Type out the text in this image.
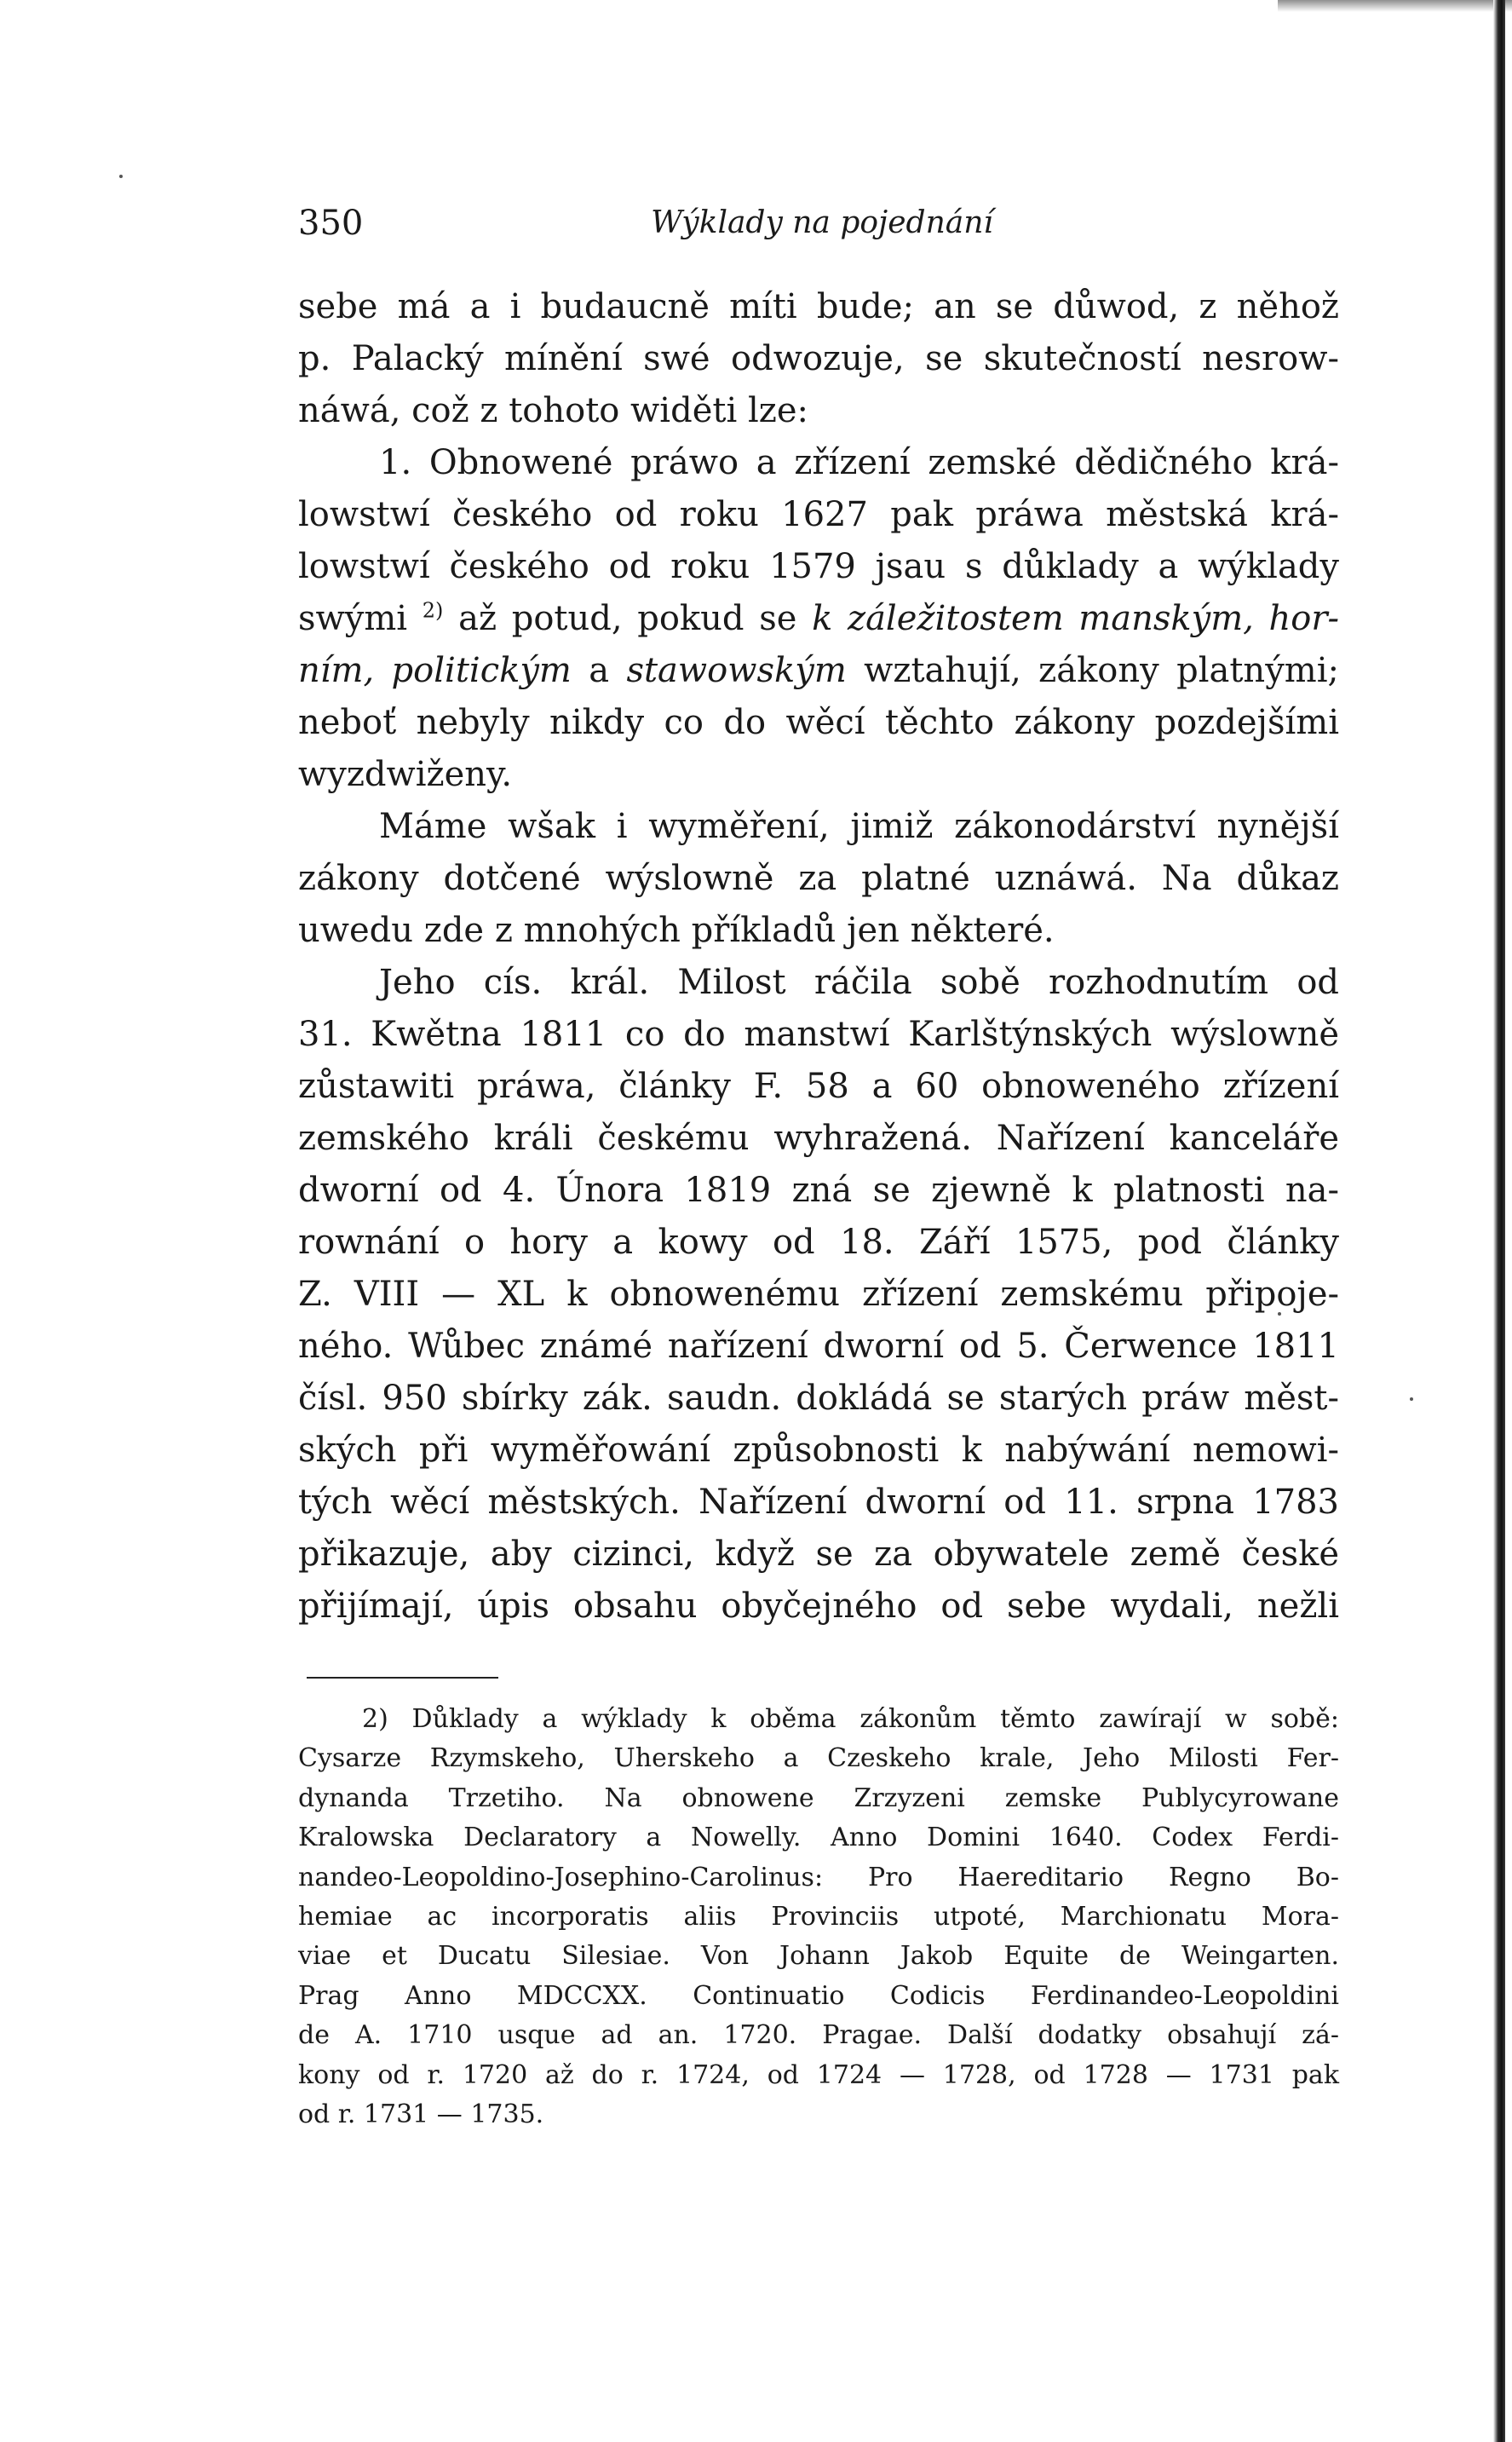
350	Wýklady na pojednání
sebe má a i budaucně míti bude; an se důwod, z něhož
p. Palacký mínění swé odwozuje, se skutečností nesrow-
náwá, což z tohoto widěti lze:
1. Obnowené práwo a zřízení zemské dědičného krá-
lowstwí českého od roku 1627 pak práwa městská krá-
lowstwí českého od roku 1579 jsau s důklady a wýklady
swými $^{2)}$ až potud, pokud se k záležitostem manským, hor-
ním, politickým a stawowským wztahují, zákony platnými;
neboť nebyly nikdy co do wěcí těchto zákony pozdejšími
wyzdwiženy.
Máme wšak i wyměření, jimiž zákonodárství nynější
zákony dotčené wýslowně za platné uznáwá. Na důkaz
uwedu zde z mnohých příkladů jen některé.
Jeho cís. král. Milost ráčila sobě rozhodnutím od
31. Kwětna 1811 co do manstwí Karlštýnských wýslowně
zůstawiti práwa, články F. 58 a 60 obnoweného zřízení
zemského králi českému wyhražená. Nařízení kanceláře
dworní od 4. Února 1819 zná se zjewně k platnosti na-
rownání o hory a kowy od 18. Září 1575, pod články
Z. VIII — XL k obnowenému zřízení zemskému připoje-
ného. Wůbec známé nařízení dworní od 5. Čerwence 1811
čísl. 950 sbírky zák. saudn. dokládá se starých práw měst-
ských při wyměřowání způsobnosti k nabýwání nemowi-
tých wěcí městských. Nařízení dworní od 11. srpna 1783
přikazuje, aby cizinci, když se za obywatele země české
přijímají, úpis obsahu obyčejného od sebe wydali, nežli
2) Důklady a wýklady k oběma zákonům těmto zawírají w sobě:
Cysarze Rzymskeho, Uherskeho a Czeskeho krale, Jeho Milosti Fer-
dynanda Trzetiho. Na obnowene Zrzyzeni zemske Publycyrowane
Kralowska Declaratory a Nowelly. Anno Domini 1640. Codex Ferdi-
nandeo-Leopoldino-Josephino-Carolinus: Pro Haereditario Regno Bo-
hemiae ac incorporatis aliis Provinciis utpoté, Marchionatu Mora-
viae et Ducatu Silesiae. Von Johann Jakob Equite de Weingarten.
Prag Anno MDCCXX. Continuatio Codicis Ferdinandeo-Leopoldini
de A. 1710 usque ad an. 1720. Pragae. Další dodatky obsahují zá-
kony od r. 1720 až do r. 1724, od 1724 — 1728, od 1728 — 1731 pak
od r. 1731 — 1735.
